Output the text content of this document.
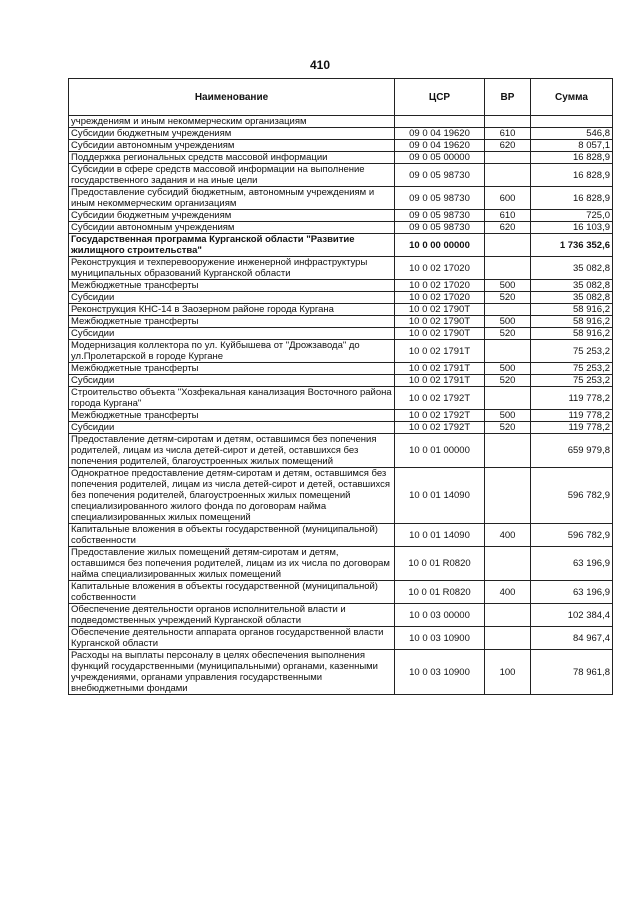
410
Наименование	ЦСР	ВР	Сумма
учреждениям и иным некоммерческим организациям			
Субсидии бюджетным учреждениям	09 0 04 19620	610	546,8
Субсидии автономным учреждениям	09 0 04 19620	620	8 057,1
Поддержка региональных средств массовой информации	09 0 05 00000		16 828,9
Субсидии в сфере средств массовой информации на выполнение государственного задания и на иные цели	09 0 05 98730		16 828,9
Предоставление субсидий бюджетным, автономным учреждениям и иным некоммерческим организациям	09 0 05 98730	600	16 828,9
Субсидии бюджетным учреждениям	09 0 05 98730	610	725,0
Субсидии автономным учреждениям	09 0 05 98730	620	16 103,9
Государственная программа Курганской области "Развитие жилищного строительства"	10 0 00 00000		1 736 352,6
Реконструкция и техперевооружение инженерной инфраструктуры муниципальных образований Курганской области	10 0 02 17020		35 082,8
Межбюджетные трансферты	10 0 02 17020	500	35 082,8
Субсидии	10 0 02 17020	520	35 082,8
Реконструкция КНС-14 в Заозерном районе города Кургана	10 0 02 1790Т		58 916,2
Межбюджетные трансферты	10 0 02 1790Т	500	58 916,2
Субсидии	10 0 02 1790Т	520	58 916,2
Модернизация коллектора по ул. Куйбышева от "Дрожзавода" до ул.Пролетарской в городе Кургане	10 0 02 1791Т		75 253,2
Межбюджетные трансферты	10 0 02 1791Т	500	75 253,2
Субсидии	10 0 02 1791Т	520	75 253,2
Строительство объекта "Хозфекальная канализация Восточного района города Кургана"	10 0 02 1792Т		119 778,2
Межбюджетные трансферты	10 0 02 1792Т	500	119 778,2
Субсидии	10 0 02 1792Т	520	119 778,2
Предоставление детям-сиротам и детям, оставшимся без попечения родителей, лицам из числа детей-сирот и детей, оставшихся без попечения родителей, благоустроенных жилых помещений	10 0 01 00000		659 979,8
Однократное предоставление детям-сиротам и детям, оставшимся без попечения родителей, лицам из числа детей-сирот и детей, оставшихся без попечения родителей, благоустроенных жилых помещений специализированного жилого фонда по договорам найма специализированных жилых помещений	10 0 01 14090		596 782,9
Капитальные вложения в объекты государственной (муниципальной) собственности	10 0 01 14090	400	596 782,9
Предоставление жилых помещений детям-сиротам и детям, оставшимся без попечения родителей, лицам из их числа по договорам найма специализированных жилых помещений	10 0 01 R0820		63 196,9
Капитальные вложения в объекты государственной (муниципальной) собственности	10 0 01 R0820	400	63 196,9
Обеспечение деятельности органов исполнительной власти и подведомственных учреждений Курганской области	10 0 03 00000		102 384,4
Обеспечение деятельности аппарата органов государственной власти Курганской области	10 0 03 10900		84 967,4
Расходы на выплаты персоналу в целях обеспечения выполнения функций государственными (муниципальными) органами, казенными учреждениями, органами управления государственными внебюджетными фондами	10 0 03 10900	100	78 961,8
